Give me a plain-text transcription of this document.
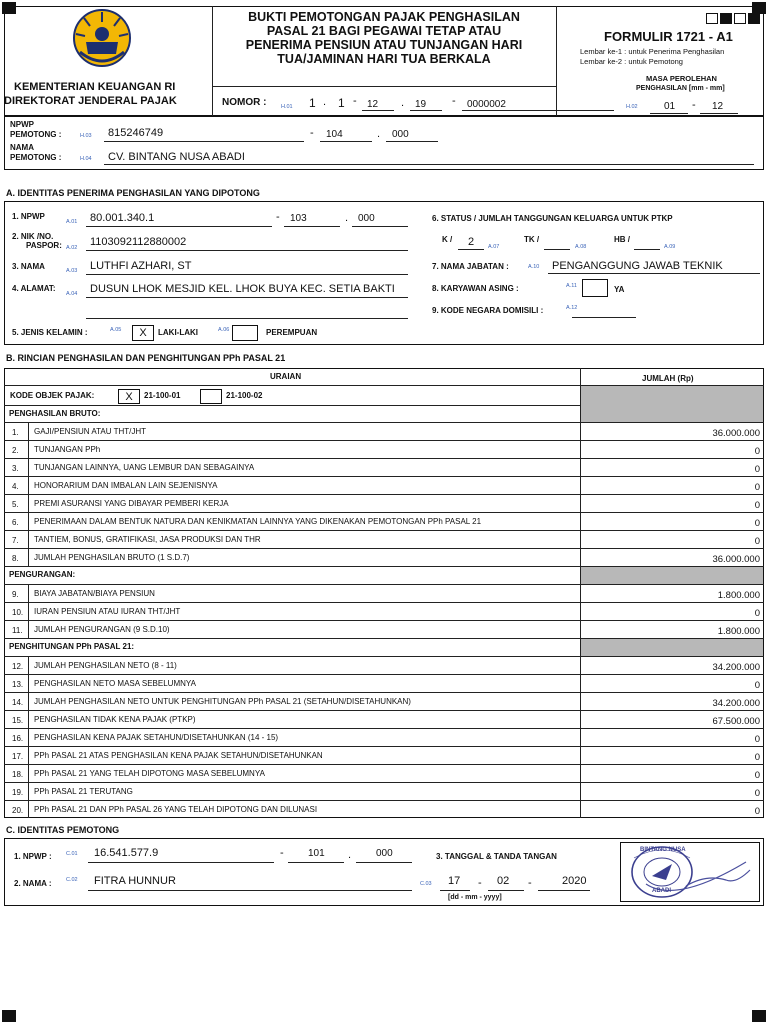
KEMENTERIAN KEUANGAN RI
DIREKTORAT JENDERAL PAJAK
BUKTI PEMOTONGAN PAJAK PENGHASILAN
PASAL 21 BAGI PEGAWAI TETAP ATAU
PENERIMA PENSIUN ATAU TUNJANGAN HARI
TUA/JAMINAN HARI TUA BERKALA
NOMOR :	H.01 1 . 1 - 12 . 19 - 0000002
FORMULIR 1721 - A1
Lembar ke-1 : untuk Penerima Penghasilan
Lembar ke-2 : untuk Pemotong
MASA PEROLEHAN
PENGHASILAN [mm - mm]
H.02	01 - 12
NPWP
PEMOTONG :	H.03 815246749	- 104	. 000
NAMA
PEMOTONG :	H.04 CV. BINTANG NUSA ABADI
A. IDENTITAS PENERIMA PENGHASILAN YANG DIPOTONG
1. NPWP
A.01 80.001.340.1	- 103	. 000
2. NIK /NO.
PASPOR: A.02 1103092112880002
3. NAMA	A.03 LUTHFI AZHARI, ST
4. ALAMAT:
A.04 DUSUN LHOK MESJID KEL. LHOK BUYA KEC. SETIA BAKTI
5. JENIS KELAMIN :	A.05	X	LAKI-LAKI	A.06	PEREMPUAN
6. STATUS / JUMLAH TANGGUNGAN KELUARGA UNTUK PTKP
K / 2	A.07
TK /
A.08
HB /
A.09
7. NAMA JABATAN :	A.10 PENGANGGUNG JAWAB TEKNIK
8. KARYAWAN ASING :	A.11	YA
9. KODE NEGARA DOMISILI :	A.12
B. RINCIAN PENGHASILAN DAN PENGHITUNGAN PPh PASAL 21
URAIAN	JUMLAH (Rp)
KODE OBJEK PAJAK:	X	21-100-01	21-100-02
PENGHASILAN BRUTO:
PENGURANGAN:
PENGHITUNGAN PPh PASAL 21:
1. GAJI/PENSIUN ATAU THT/JHT	36.000.000
2. TUNJANGAN PPh	0
3. TUNJANGAN LAINNYA, UANG LEMBUR DAN SEBAGAINYA	0
4. HONORARIUM DAN IMBALAN LAIN SEJENISNYA	0
5. PREMI ASURANSI YANG DIBAYAR PEMBERI KERJA	0
6. PENERIMAAN DALAM BENTUK NATURA DAN KENIKMATAN LAINNYA YANG DIKENAKAN PEMOTONGAN PPh PASAL 21	0
7. TANTIEM, BONUS, GRATIFIKASI, JASA PRODUKSI DAN THR	0
8. JUMLAH PENGHASILAN BRUTO (1 S.D.7)	36.000.000
9. BIAYA JABATAN/BIAYA PENSIUN	1.800.000
10. IURAN PENSIUN ATAU IURAN THT/JHT	0
11. JUMLAH PENGURANGAN (9 S.D.10)	1.800.000
12. JUMLAH PENGHASILAN NETO (8 - 11)	34.200.000
13. PENGHASILAN NETO MASA SEBELUMNYA	0
14. JUMLAH PENGHASILAN NETO UNTUK PENGHITUNGAN PPh PASAL 21 (SETAHUN/DISETAHUNKAN)	34.200.000
15. PENGHASILAN TIDAK KENA PAJAK (PTKP)	67.500.000
16. PENGHASILAN KENA PAJAK SETAHUN/DISETAHUNKAN (14 - 15)	0
17. PPh PASAL 21 ATAS PENGHASILAN KENA PAJAK SETAHUN/DISETAHUNKAN	0
18. PPh PASAL 21 YANG TELAH DIPOTONG MASA SEBELUMNYA	0
19. PPh PASAL 21 TERUTANG	0
20. PPh PASAL 21 DAN PPh PASAL 26 YANG TELAH DIPOTONG DAN DILUNASI	0
C. IDENTITAS PEMOTONG
1. NPWP :	C.01 16.541.577.9	- 101 . 000
2. NAMA :	C.02 FITRA HUNNUR
3. TANGGAL & TANDA TANGAN
C.03 17 - 02 -	2020
[dd - mm - yyyy]
BINTANG NUSA
ABADI
